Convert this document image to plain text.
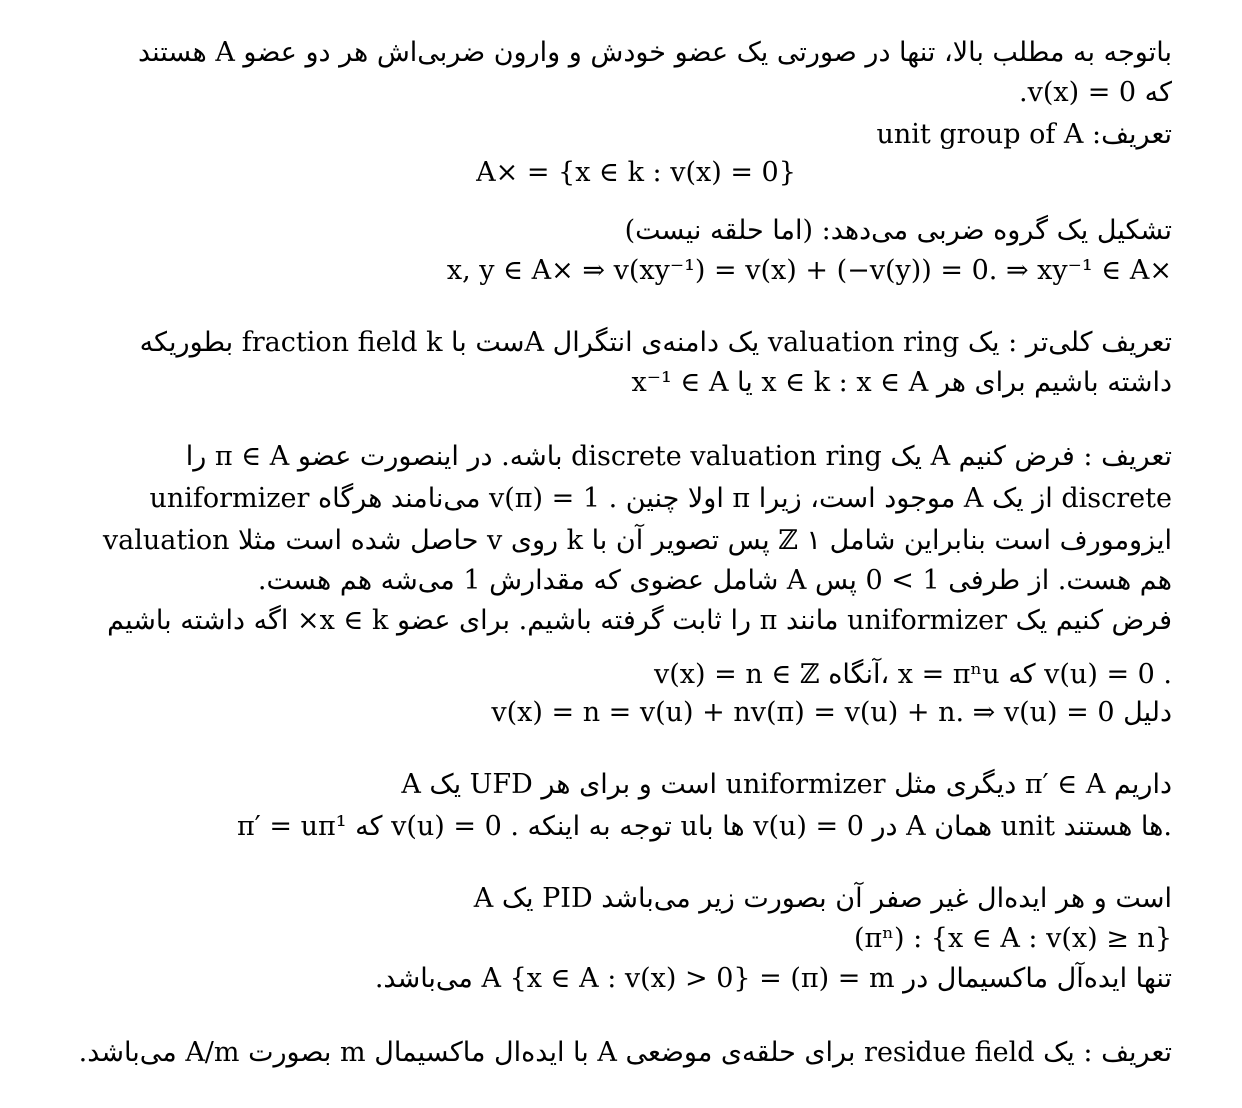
باتوجه به مطلب بالا، تنها در صورتی یک عضو خودش و وارون ضربی‌اش هر دو عضو A هستند
که v(x) = 0.
تعریف: unit group of A
A× = {x ∈ k : v(x) = 0}
تشکیل یک گروه ضربی می‌دهد: (اما حلقه نیست)
x, y ∈ A× ⇒ v(xy⁻¹) = v(x) + (−v(y)) = 0. ⇒ xy⁻¹ ∈ A×
تعریف کلی‌تر : یک valuation ring یک دامنه‌ی انتگرال Aست با fraction field k بطوریکه
داشته باشیم برای هر x ∈ k : x ∈ A یا x⁻¹ ∈ A
تعریف : فرض کنیم A یک discrete valuation ring باشه. در اینصورت عضو π ∈ A را
uniformizer می‌نامند هرگاه v(π) = 1 . اولا چنین π موجود است، زیرا A از یک discrete
valuation حاصل شده است مثلا v روی k پس تصویر آن با ℤ ایزومورف است بنابراین شامل ۱
هم هست. از طرفی 1 > 0 پس A شامل عضوی که مقدارش 1 می‌شه هم هست.
فرض کنیم یک uniformizer مانند π را ثابت گرفته باشیم. برای عضو x ∈ k× اگه داشته باشیم
v(x) = n ∈ ℤ آنگاه، x = πⁿu که v(u) = 0 .
دلیل v(x) = n = v(u) + nv(π) = v(u) + n. ⇒ v(u) = 0
A یک UFD است و برای هر uniformizer دیگری مثل π′ ∈ A داریم
π′ = uπ¹ که v(u) = 0 . توجه به اینکه uها با v(u) = 0 در A همان unit ها هستند.
A یک PID است و هر ایده‌ال غیر صفر آن بصورت زیر می‌باشد
(πⁿ) : {x ∈ A : v(x) ≥ n}
تنها ایده‌آل ماکسیمال در A {x ∈ A : v(x) > 0} = (π) = m می‌باشد.
تعریف : یک residue field برای حلقه‌ی موضعی A با ایده‌ال ماکسیمال m بصورت A/m می‌باشد.
